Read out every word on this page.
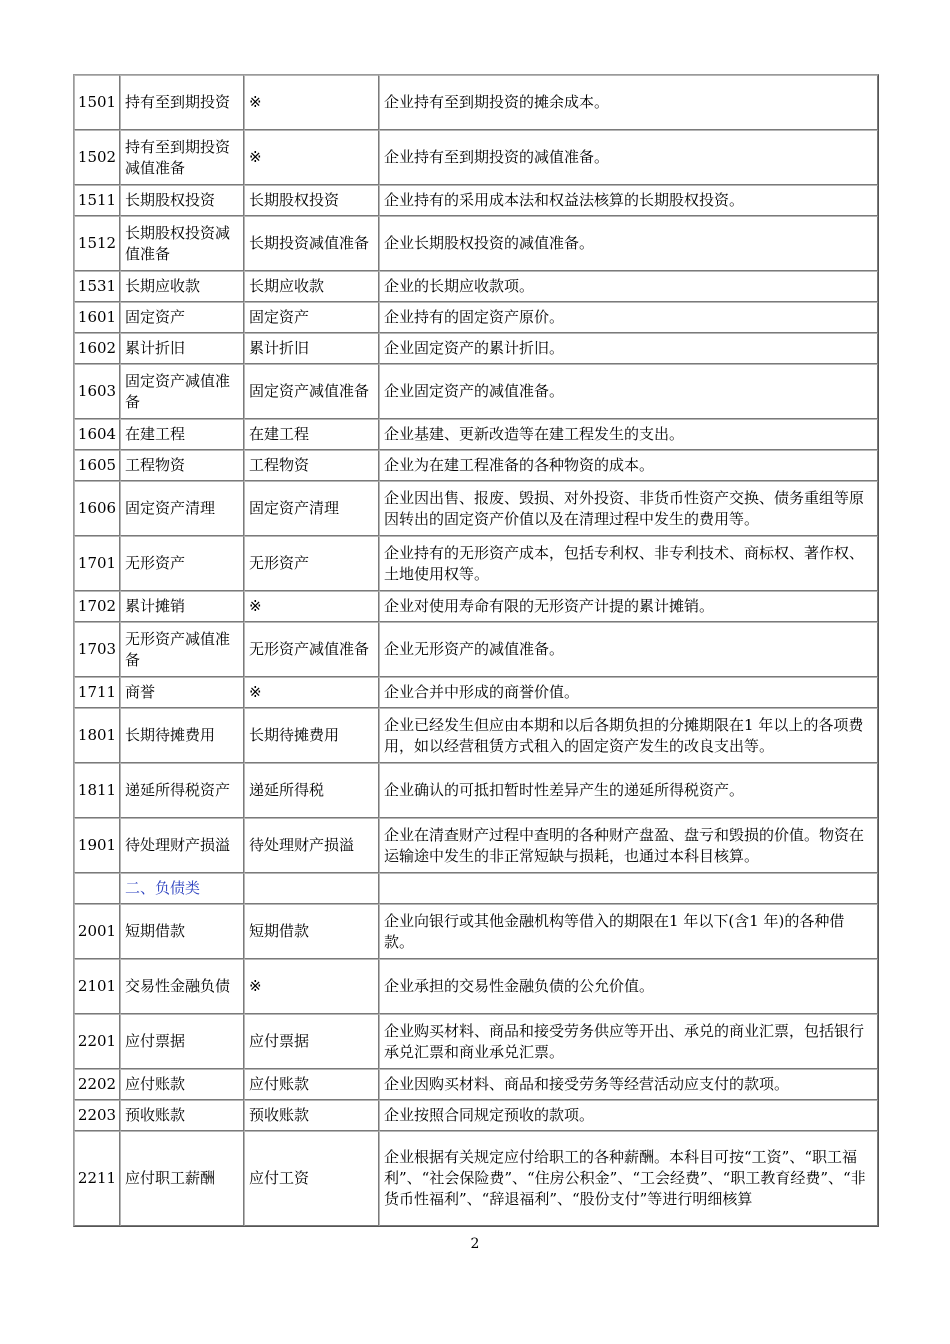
1501	持有至到期投资	※	企业持有至到期投资的摊余成本。
1502	持有至到期投资减值准备	※	企业持有至到期投资的减值准备。
1511	长期股权投资	长期股权投资	企业持有的采用成本法和权益法核算的长期股权投资。
1512	长期股权投资减值准备	长期投资减值准备	企业长期股权投资的减值准备。
1531	长期应收款	长期应收款	企业的长期应收款项。
1601	固定资产	固定资产	企业持有的固定资产原价。
1602	累计折旧	累计折旧	企业固定资产的累计折旧。
1603	固定资产减值准备	固定资产减值准备	企业固定资产的减值准备。
1604	在建工程	在建工程	企业基建、更新改造等在建工程发生的支出。
1605	工程物资	工程物资	企业为在建工程准备的各种物资的成本。
1606	固定资产清理	固定资产清理	企业因出售、报废、毁损、对外投资、非货币性资产交换、债务重组等原因转出的固定资产价值以及在清理过程中发生的费用等。
1701	无形资产	无形资产	企业持有的无形资产成本，包括专利权、非专利技术、商标权、著作权、土地使用权等。
1702	累计摊销	※	企业对使用寿命有限的无形资产计提的累计摊销。
1703	无形资产减值准备	无形资产减值准备	企业无形资产的减值准备。
1711	商誉	※	企业合并中形成的商誉价值。
1801	长期待摊费用	长期待摊费用	企业已经发生但应由本期和以后各期负担的分摊期限在1 年以上的各项费用，如以经营租赁方式租入的固定资产发生的改良支出等。
1811	递延所得税资产	递延所得税	企业确认的可抵扣暂时性差异产生的递延所得税资产。
1901	待处理财产损溢	待处理财产损溢	企业在清查财产过程中查明的各种财产盘盈、盘亏和毁损的价值。物资在运输途中发生的非正常短缺与损耗，也通过本科目核算。
	二、负债类		
2001	短期借款	短期借款	企业向银行或其他金融机构等借入的期限在1 年以下(含1 年)的各种借款。
2101	交易性金融负债	※	企业承担的交易性金融负债的公允价值。
2201	应付票据	应付票据	企业购买材料、商品和接受劳务供应等开出、承兑的商业汇票，包括银行承兑汇票和商业承兑汇票。
2202	应付账款	应付账款	企业因购买材料、商品和接受劳务等经营活动应支付的款项。
2203	预收账款	预收账款	企业按照合同规定预收的款项。
2211	应付职工薪酬	应付工资	企业根据有关规定应付给职工的各种薪酬。本科目可按“工资”、“职工福利”、“社会保险费”、“住房公积金”、“工会经费”、“职工教育经费”、“非货币性福利”、“辞退福利”、“股份支付”等进行明细核算
2
